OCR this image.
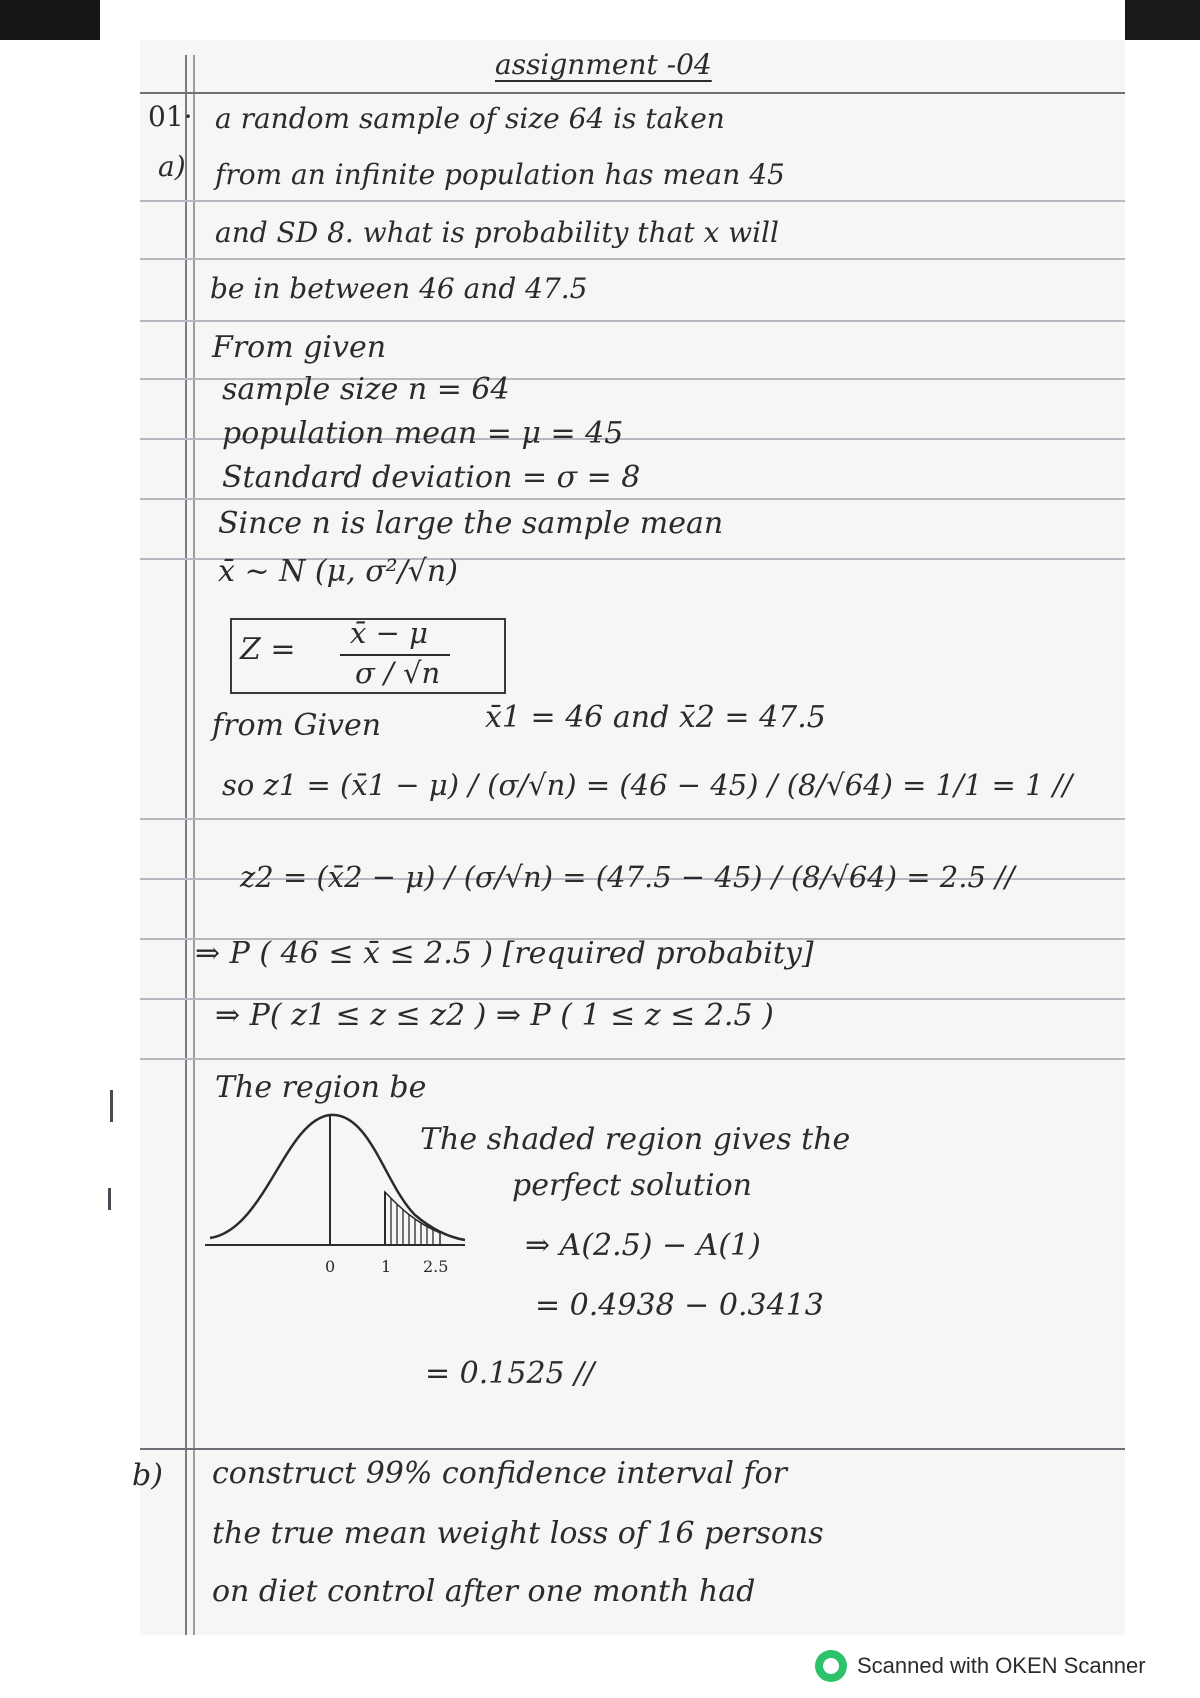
assignment -04
01·
a)
a random sample of size 64 is taken
from an infinite population has mean 45
and SD 8. what is probability that x will
be in between 46 and 47.5
From given
sample size n = 64
population mean = μ = 45
Standard deviation = σ = 8
Since n is large the sample mean
x̄ ~ N (μ, σ²/√n)
Z = x̄ − μ
σ / √n
from Given	x̄1 = 46 and x̄2 = 47.5
so z1 = (x̄1 − μ) / (σ/√n) = (46 − 45) / (8/√64) = 1/1 = 1 //
z2 = (x̄2 − μ) / (σ/√n) = (47.5 − 45) / (8/√64) = 2.5 //
⇒ P ( 46 ≤ x̄ ≤ 2.5 ) [required probabity]
⇒ P( z1 ≤ z ≤ z2 ) ⇒ P ( 1 ≤ z ≤ 2.5 )
The region be
0	1 2.5
The shaded region gives the
perfect solution
⇒ A(2.5) − A(1)
= 0.4938 − 0.3413
= 0.1525 //
b) construct 99% confidence interval for
the true mean weight loss of 16 persons
on diet control after one month had
Scanned with OKEN Scanner
